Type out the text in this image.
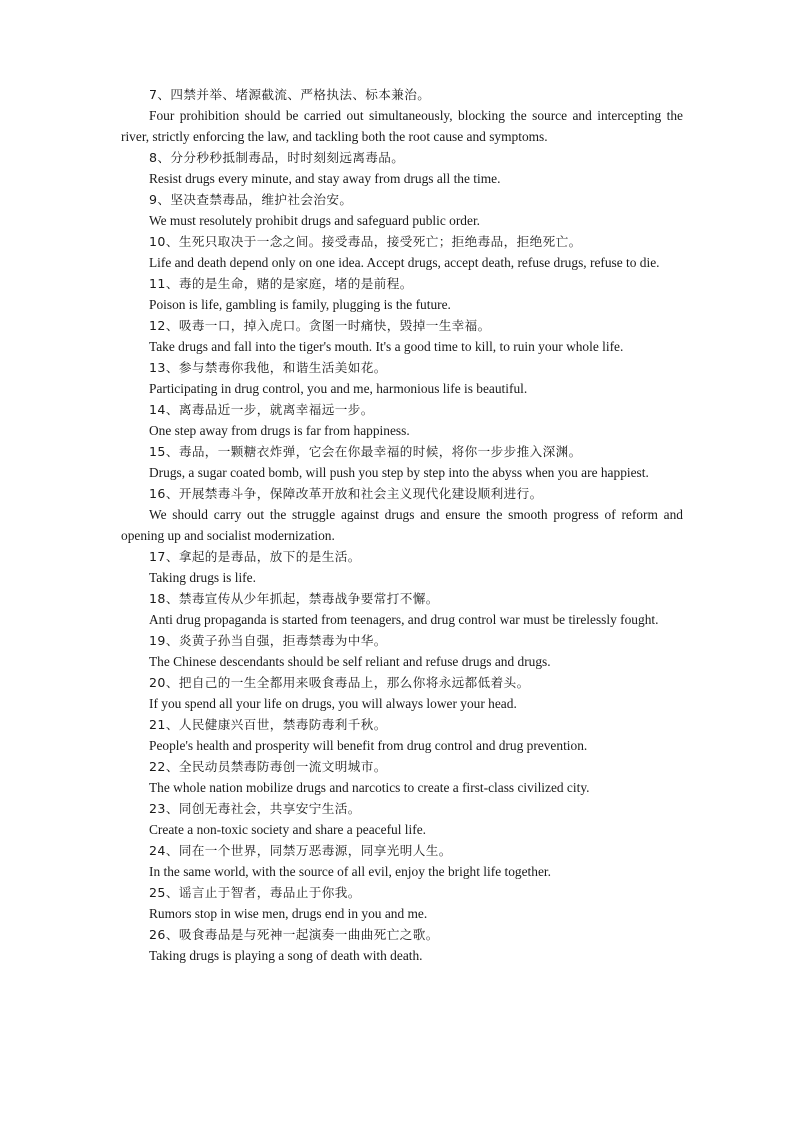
7、四禁并举、堵源截流、严格执法、标本兼治。

Four prohibition should be carried out simultaneously, blocking the source and intercepting the river, strictly enforcing the law, and tackling both the root cause and symptoms.

8、分分秒秒抵制毒品，时时刻刻远离毒品。

Resist drugs every minute, and stay away from drugs all the time.

9、坚决查禁毒品，维护社会治安。

We must resolutely prohibit drugs and safeguard public order.

10、生死只取决于一念之间。接受毒品，接受死亡；拒绝毒品，拒绝死亡。

Life and death depend only on one idea. Accept drugs, accept death, refuse drugs, refuse to die.

11、毒的是生命，赌的是家庭，堵的是前程。

Poison is life, gambling is family, plugging is the future.

12、吸毒一口，掉入虎口。贪图一时痛快，毁掉一生幸福。

Take drugs and fall into the tiger's mouth. It's a good time to kill, to ruin your whole life.

13、参与禁毒你我他，和谐生活美如花。

Participating in drug control, you and me, harmonious life is beautiful.

14、离毒品近一步，就离幸福远一步。

One step away from drugs is far from happiness.

15、毒品，一颗糖衣炸弹，它会在你最幸福的时候，将你一步步推入深渊。

Drugs, a sugar coated bomb, will push you step by step into the abyss when you are happiest.

16、开展禁毒斗争，保障改革开放和社会主义现代化建设顺利进行。

We should carry out the struggle against drugs and ensure the smooth progress of reform and opening up and socialist modernization.

17、拿起的是毒品，放下的是生活。

Taking drugs is life.

18、禁毒宣传从少年抓起，禁毒战争要常打不懈。

Anti drug propaganda is started from teenagers, and drug control war must be tirelessly fought.

19、炎黄子孙当自强，拒毒禁毒为中华。

The Chinese descendants should be self reliant and refuse drugs and drugs.

20、把自己的一生全都用来吸食毒品上，那么你将永远都低着头。

If you spend all your life on drugs, you will always lower your head.

21、人民健康兴百世，禁毒防毒利千秋。

People's health and prosperity will benefit from drug control and drug prevention.

22、全民动员禁毒防毒创一流文明城市。

The whole nation mobilize drugs and narcotics to create a first-class civilized city.

23、同创无毒社会，共享安宁生活。

Create a non-toxic society and share a peaceful life.

24、同在一个世界，同禁万恶毒源，同享光明人生。

In the same world, with the source of all evil, enjoy the bright life together.

25、谣言止于智者，毒品止于你我。

Rumors stop in wise men, drugs end in you and me.

26、吸食毒品是与死神一起演奏一曲曲死亡之歌。

Taking drugs is playing a song of death with death.
